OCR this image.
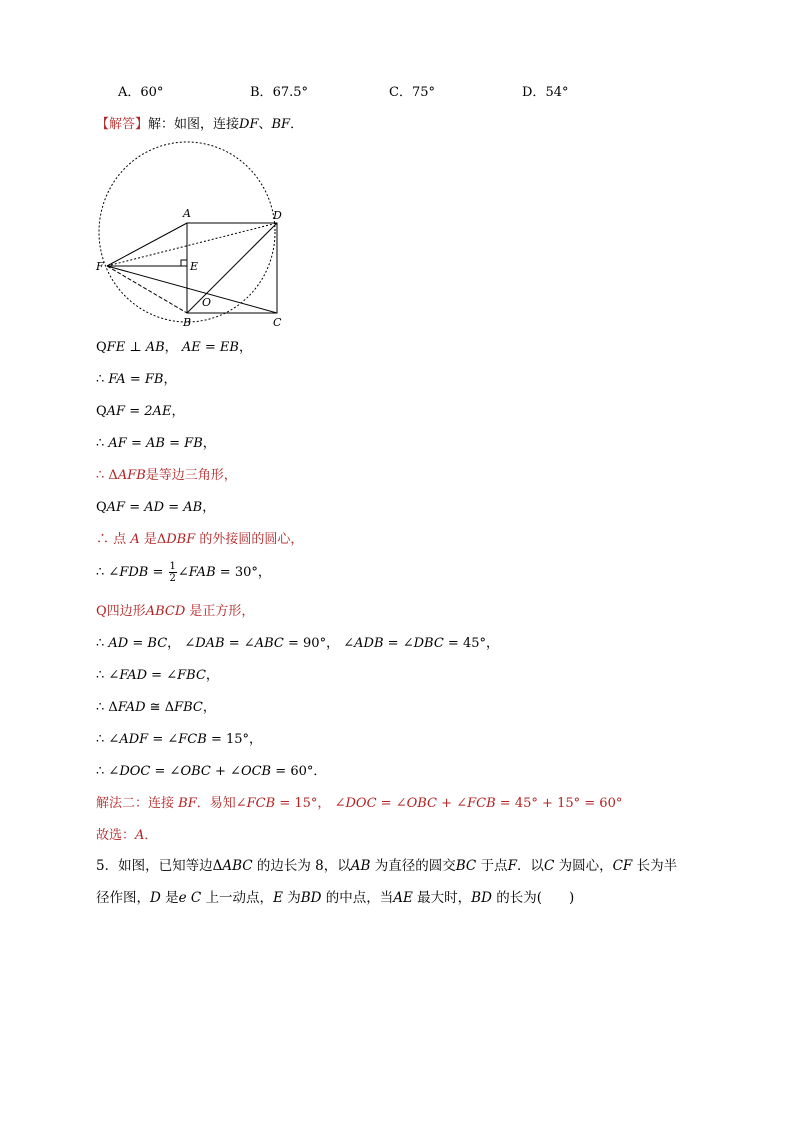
A．60°	B．67.5°	C．75°	D．54°
【解答】解：如图，连接DF、BF．
A	D
F	E
O
B	C
QFE ⊥ AB， AE = EB，
∴ FA = FB，
QAF = 2AE，
∴ AF = AB = FB，
∴ ΔAFB是等边三角形，
QAF = AD = AB，
∴ 点 A 是ΔDBF 的外接圆的圆心，
∴ ∠FDB = $\frac{1}{2}$ ∠FAB = 30°，
Q四边形ABCD 是正方形，
∴ AD = BC， ∠DAB = ∠ABC = 90°， ∠ADB = ∠DBC = 45°，
∴ ∠FAD = ∠FBC，
∴ ΔFAD ≅ ΔFBC，
∴ ∠ADF = ∠FCB = 15°，
∴ ∠DOC = ∠OBC + ∠OCB = 60°．
解法二：连接 BF．易知∠FCB = 15°， ∠DOC = ∠OBC + ∠FCB = 45° + 15° = 60°
故选：A．
5．如图，已知等边ΔABC 的边长为 8，以AB 为直径的圆交BC 于点F．以C 为圆心，CF 长为半
径作图，D 是e C 上一动点，E 为BD 的中点，当AE 最大时，BD 的长为(　　)
